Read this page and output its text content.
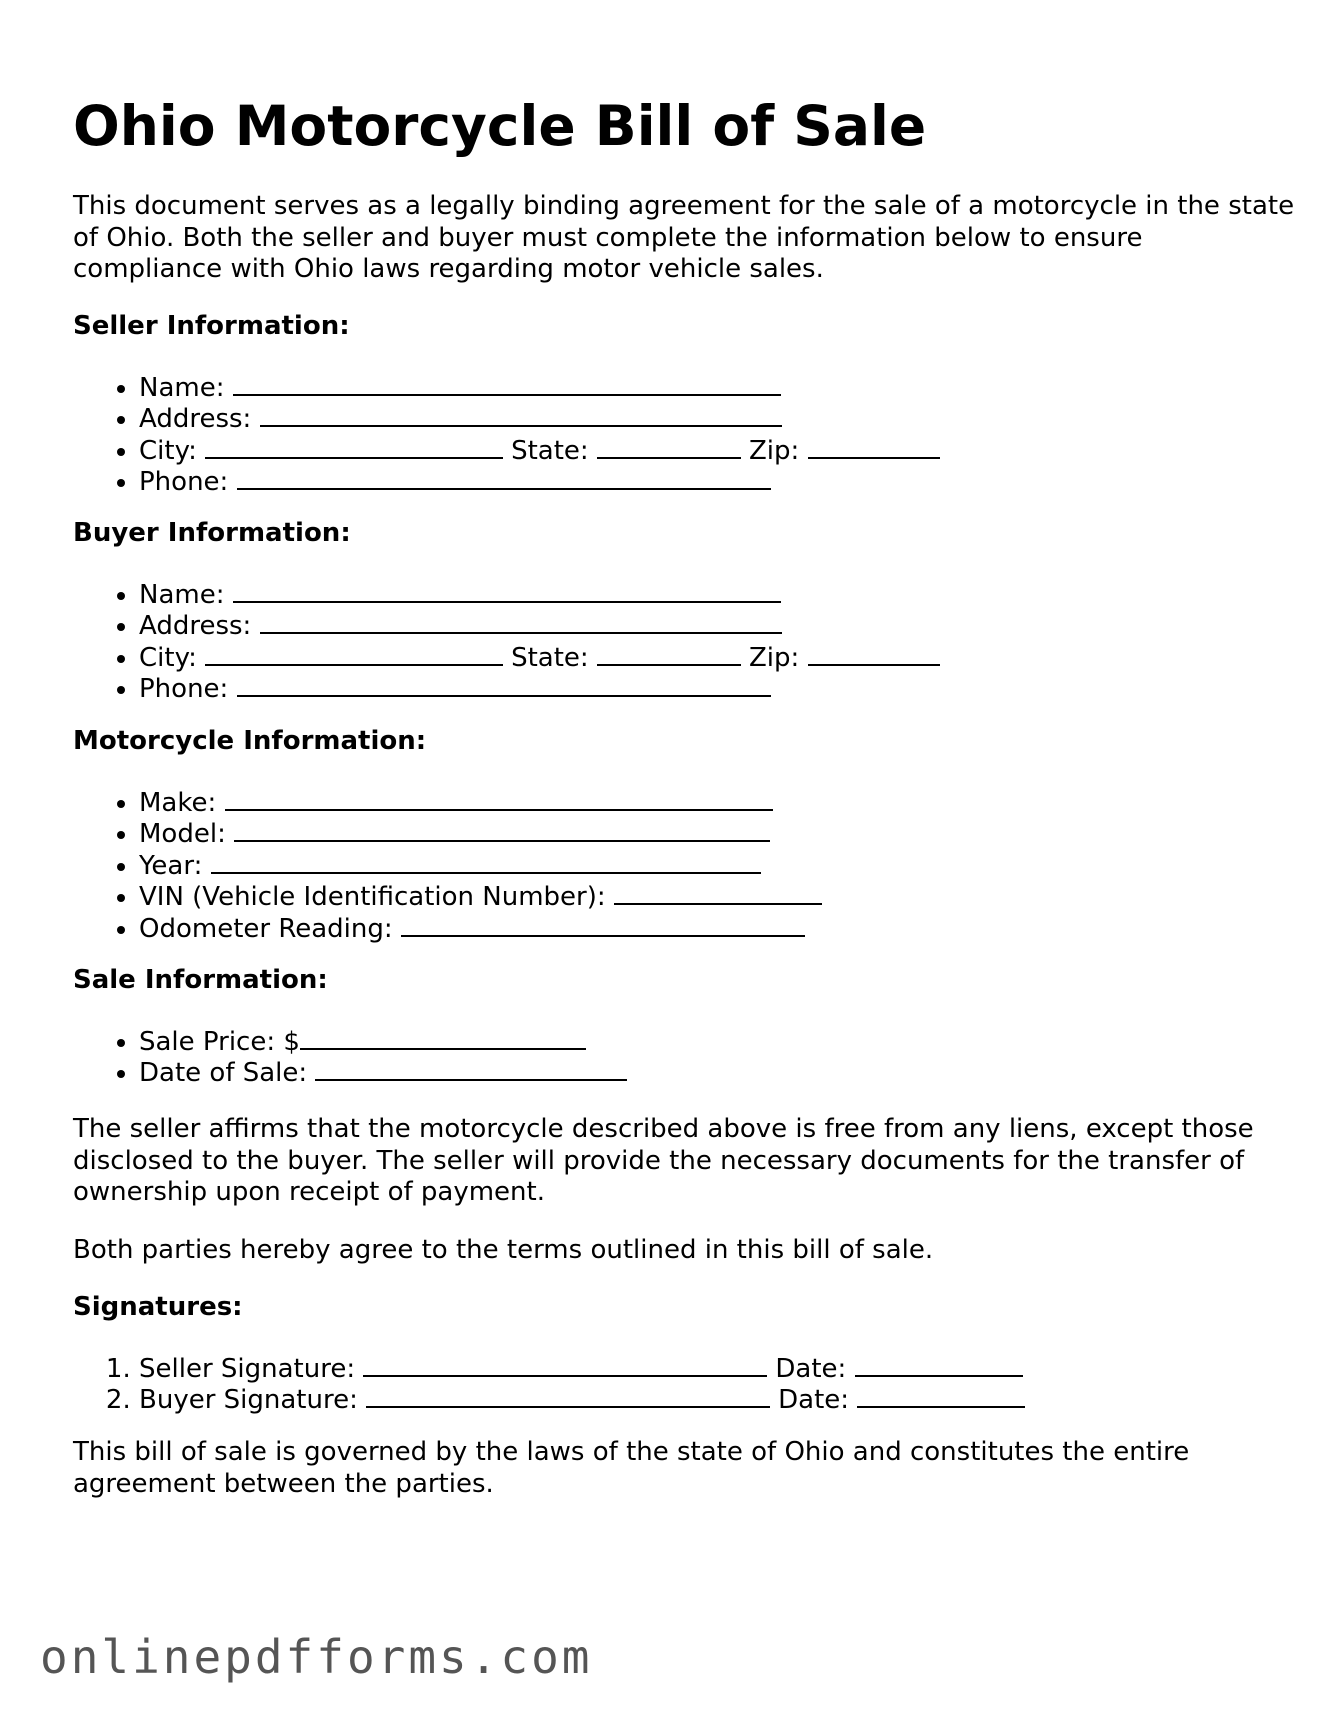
Ohio Motorcycle Bill of Sale

This document serves as a legally binding agreement for the sale of a motorcycle in the state of Ohio. Both the seller and buyer must complete the information below to ensure compliance with Ohio laws regarding motor vehicle sales.

Seller Information:

• Name:
• Address:
• City:	State:	Zip:
• Phone:

Buyer Information:

• Name:
• Address:
• City:	State:	Zip:
• Phone:

Motorcycle Information:

• Make:
• Model:
• Year:
• VIN (Vehicle Identification Number):
• Odometer Reading:

Sale Information:

• Sale Price: $
• Date of Sale:

The seller affirms that the motorcycle described above is free from any liens, except those disclosed to the buyer. The seller will provide the necessary documents for the transfer of ownership upon receipt of payment.

Both parties hereby agree to the terms outlined in this bill of sale.

Signatures:

1. Seller Signature:	Date:
2. Buyer Signature:	Date:

This bill of sale is governed by the laws of the state of Ohio and constitutes the entire agreement between the parties.

onlinepdfforms.com
